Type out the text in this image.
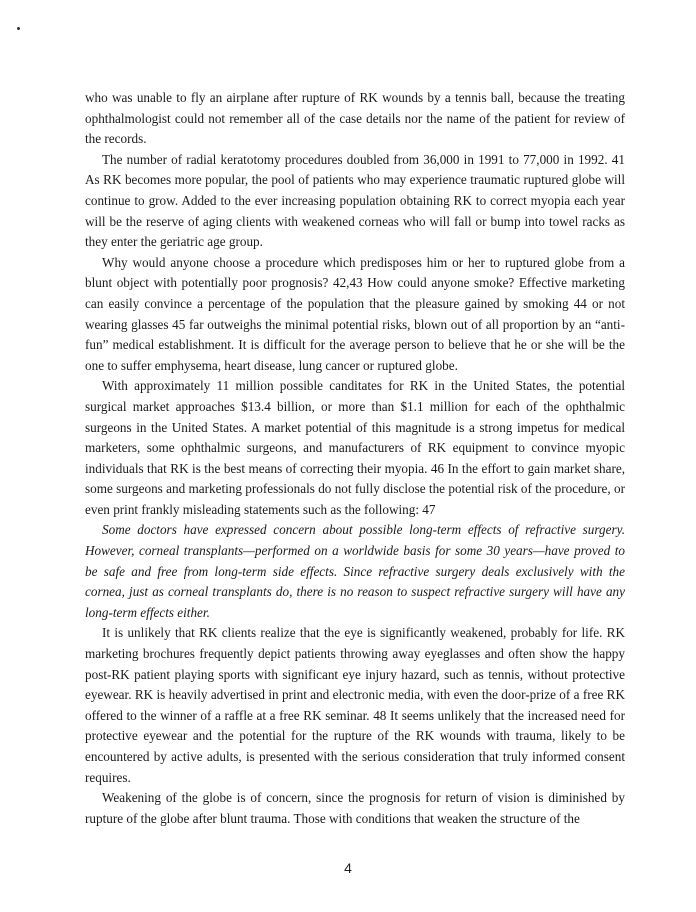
who was unable to fly an airplane after rupture of RK wounds by a tennis ball, because the treating ophthalmologist could not remember all of the case details nor the name of the patient for review of the records.

The number of radial keratotomy procedures doubled from 36,000 in 1991 to 77,000 in 1992. 41 As RK becomes more popular, the pool of patients who may experience traumatic ruptured globe will continue to grow. Added to the ever increasing population obtaining RK to correct myopia each year will be the reserve of aging clients with weakened corneas who will fall or bump into towel racks as they enter the geriatric age group.

Why would anyone choose a procedure which predisposes him or her to ruptured globe from a blunt object with potentially poor prognosis? 42,43 How could anyone smoke? Effective marketing can easily convince a percentage of the population that the pleasure gained by smoking 44 or not wearing glasses 45 far outweighs the minimal potential risks, blown out of all proportion by an “anti-fun” medical establishment. It is difficult for the average person to believe that he or she will be the one to suffer emphysema, heart disease, lung cancer or ruptured globe.

With approximately 11 million possible canditates for RK in the United States, the potential surgical market approaches $13.4 billion, or more than $1.1 million for each of the ophthalmic surgeons in the United States. A market potential of this magnitude is a strong impetus for medical marketers, some ophthalmic surgeons, and manufacturers of RK equipment to convince myopic individuals that RK is the best means of correcting their myopia. 46 In the effort to gain market share, some surgeons and marketing professionals do not fully disclose the potential risk of the procedure, or even print frankly misleading statements such as the following: 47

Some doctors have expressed concern about possible long-term effects of refractive surgery. However, corneal transplants—performed on a worldwide basis for some 30 years—have proved to be safe and free from long-term side effects. Since refractive surgery deals exclusively with the cornea, just as corneal transplants do, there is no reason to suspect refractive surgery will have any long-term effects either.

It is unlikely that RK clients realize that the eye is significantly weakened, probably for life. RK marketing brochures frequently depict patients throwing away eyeglasses and often show the happy post-RK patient playing sports with significant eye injury hazard, such as tennis, without protective eyewear. RK is heavily advertised in print and electronic media, with even the door-prize of a free RK offered to the winner of a raffle at a free RK seminar. 48 It seems unlikely that the increased need for protective eyewear and the potential for the rupture of the RK wounds with trauma, likely to be encountered by active adults, is presented with the serious consideration that truly informed consent requires.

Weakening of the globe is of concern, since the prognosis for return of vision is diminished by rupture of the globe after blunt trauma. Those with conditions that weaken the structure of the

4
